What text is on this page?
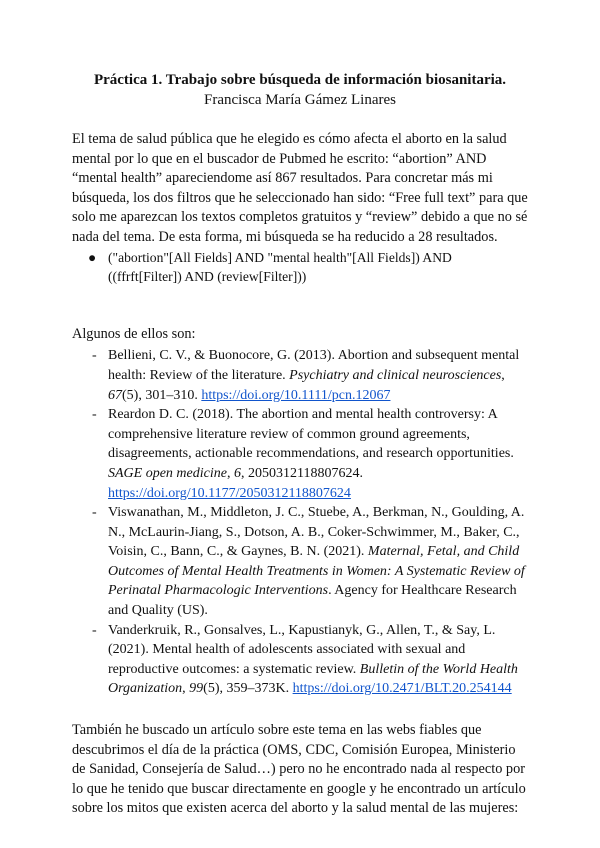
Práctica 1. Trabajo sobre búsqueda de información biosanitaria.

Francisca María Gámez Linares

El tema de salud pública que he elegido es cómo afecta el aborto en la salud mental por lo que en el buscador de Pubmed he escrito: “abortion” AND “mental health” apareciendome así 867 resultados. Para concretar más mi búsqueda, los dos filtros que he seleccionado han sido: “Free full text” para que solo me aparezcan los textos completos gratuitos y “review” debido a que no sé nada del tema. De esta forma, mi búsqueda se ha reducido a 28 resultados.

● ("abortion"[All Fields] AND "mental health"[All Fields]) AND ((ffrft[Filter]) AND (review[Filter]))

Algunos de ellos son:

- Bellieni, C. V., & Buonocore, G. (2013). Abortion and subsequent mental health: Review of the literature. Psychiatry and clinical neurosciences, 67(5), 301–310. https://doi.org/10.1111/pcn.12067
- Reardon D. C. (2018). The abortion and mental health controversy: A comprehensive literature review of common ground agreements, disagreements, actionable recommendations, and research opportunities. SAGE open medicine, 6, 2050312118807624. https://doi.org/10.1177/2050312118807624
- Viswanathan, M., Middleton, J. C., Stuebe, A., Berkman, N., Goulding, A. N., McLaurin-Jiang, S., Dotson, A. B., Coker-Schwimmer, M., Baker, C., Voisin, C., Bann, C., & Gaynes, B. N. (2021). Maternal, Fetal, and Child Outcomes of Mental Health Treatments in Women: A Systematic Review of Perinatal Pharmacologic Interventions. Agency for Healthcare Research and Quality (US).
- Vanderkruik, R., Gonsalves, L., Kapustianyk, G., Allen, T., & Say, L. (2021). Mental health of adolescents associated with sexual and reproductive outcomes: a systematic review. Bulletin of the World Health Organization, 99(5), 359–373K. https://doi.org/10.2471/BLT.20.254144

También he buscado un artículo sobre este tema en las webs fiables que descubrimos el día de la práctica (OMS, CDC, Comisión Europea, Ministerio de Sanidad, Consejería de Salud…) pero no he encontrado nada al respecto por lo que he tenido que buscar directamente en google y he encontrado un artículo sobre los mitos que existen acerca del aborto y la salud mental de las mujeres:
